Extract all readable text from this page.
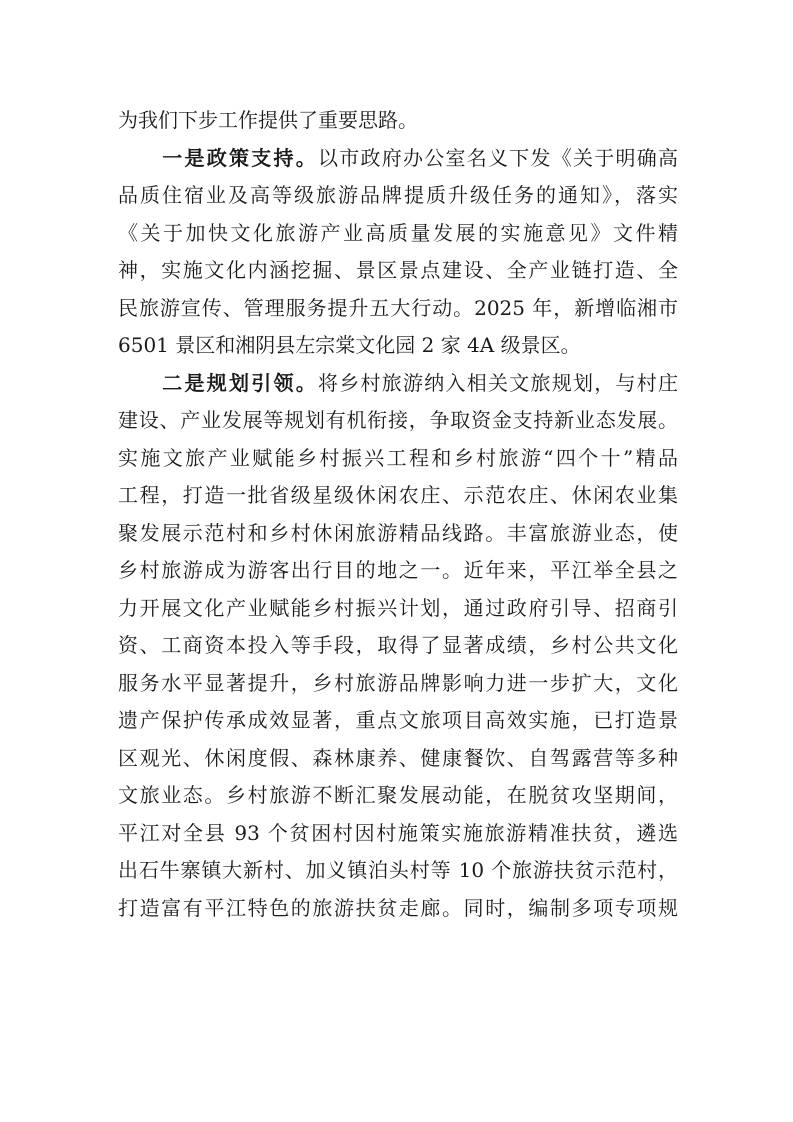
为我们下步工作提供了重要思路。
一是政策支持。以市政府办公室名义下发《关于明确高
品质住宿业及高等级旅游品牌提质升级任务的通知》，落实
《关于加快文化旅游产业高质量发展的实施意见》文件精
神，实施文化内涵挖掘、景区景点建设、全产业链打造、全
民旅游宣传、管理服务提升五大行动。2025 年，新增临湘市
6501 景区和湘阴县左宗棠文化园 2 家 4A 级景区。
二是规划引领。将乡村旅游纳入相关文旅规划，与村庄
建设、产业发展等规划有机衔接，争取资金支持新业态发展。
实施文旅产业赋能乡村振兴工程和乡村旅游“四个十”精品
工程，打造一批省级星级休闲农庄、示范农庄、休闲农业集
聚发展示范村和乡村休闲旅游精品线路。丰富旅游业态，使
乡村旅游成为游客出行目的地之一。近年来，平江举全县之
力开展文化产业赋能乡村振兴计划，通过政府引导、招商引
资、工商资本投入等手段，取得了显著成绩，乡村公共文化
服务水平显著提升，乡村旅游品牌影响力进一步扩大，文化
遗产保护传承成效显著，重点文旅项目高效实施，已打造景
区观光、休闲度假、森林康养、健康餐饮、自驾露营等多种
文旅业态。乡村旅游不断汇聚发展动能，在脱贫攻坚期间，
平江对全县 93 个贫困村因村施策实施旅游精准扶贫，遴选
出石牛寨镇大新村、加义镇泊头村等 10 个旅游扶贫示范村，
打造富有平江特色的旅游扶贫走廊。同时，编制多项专项规
